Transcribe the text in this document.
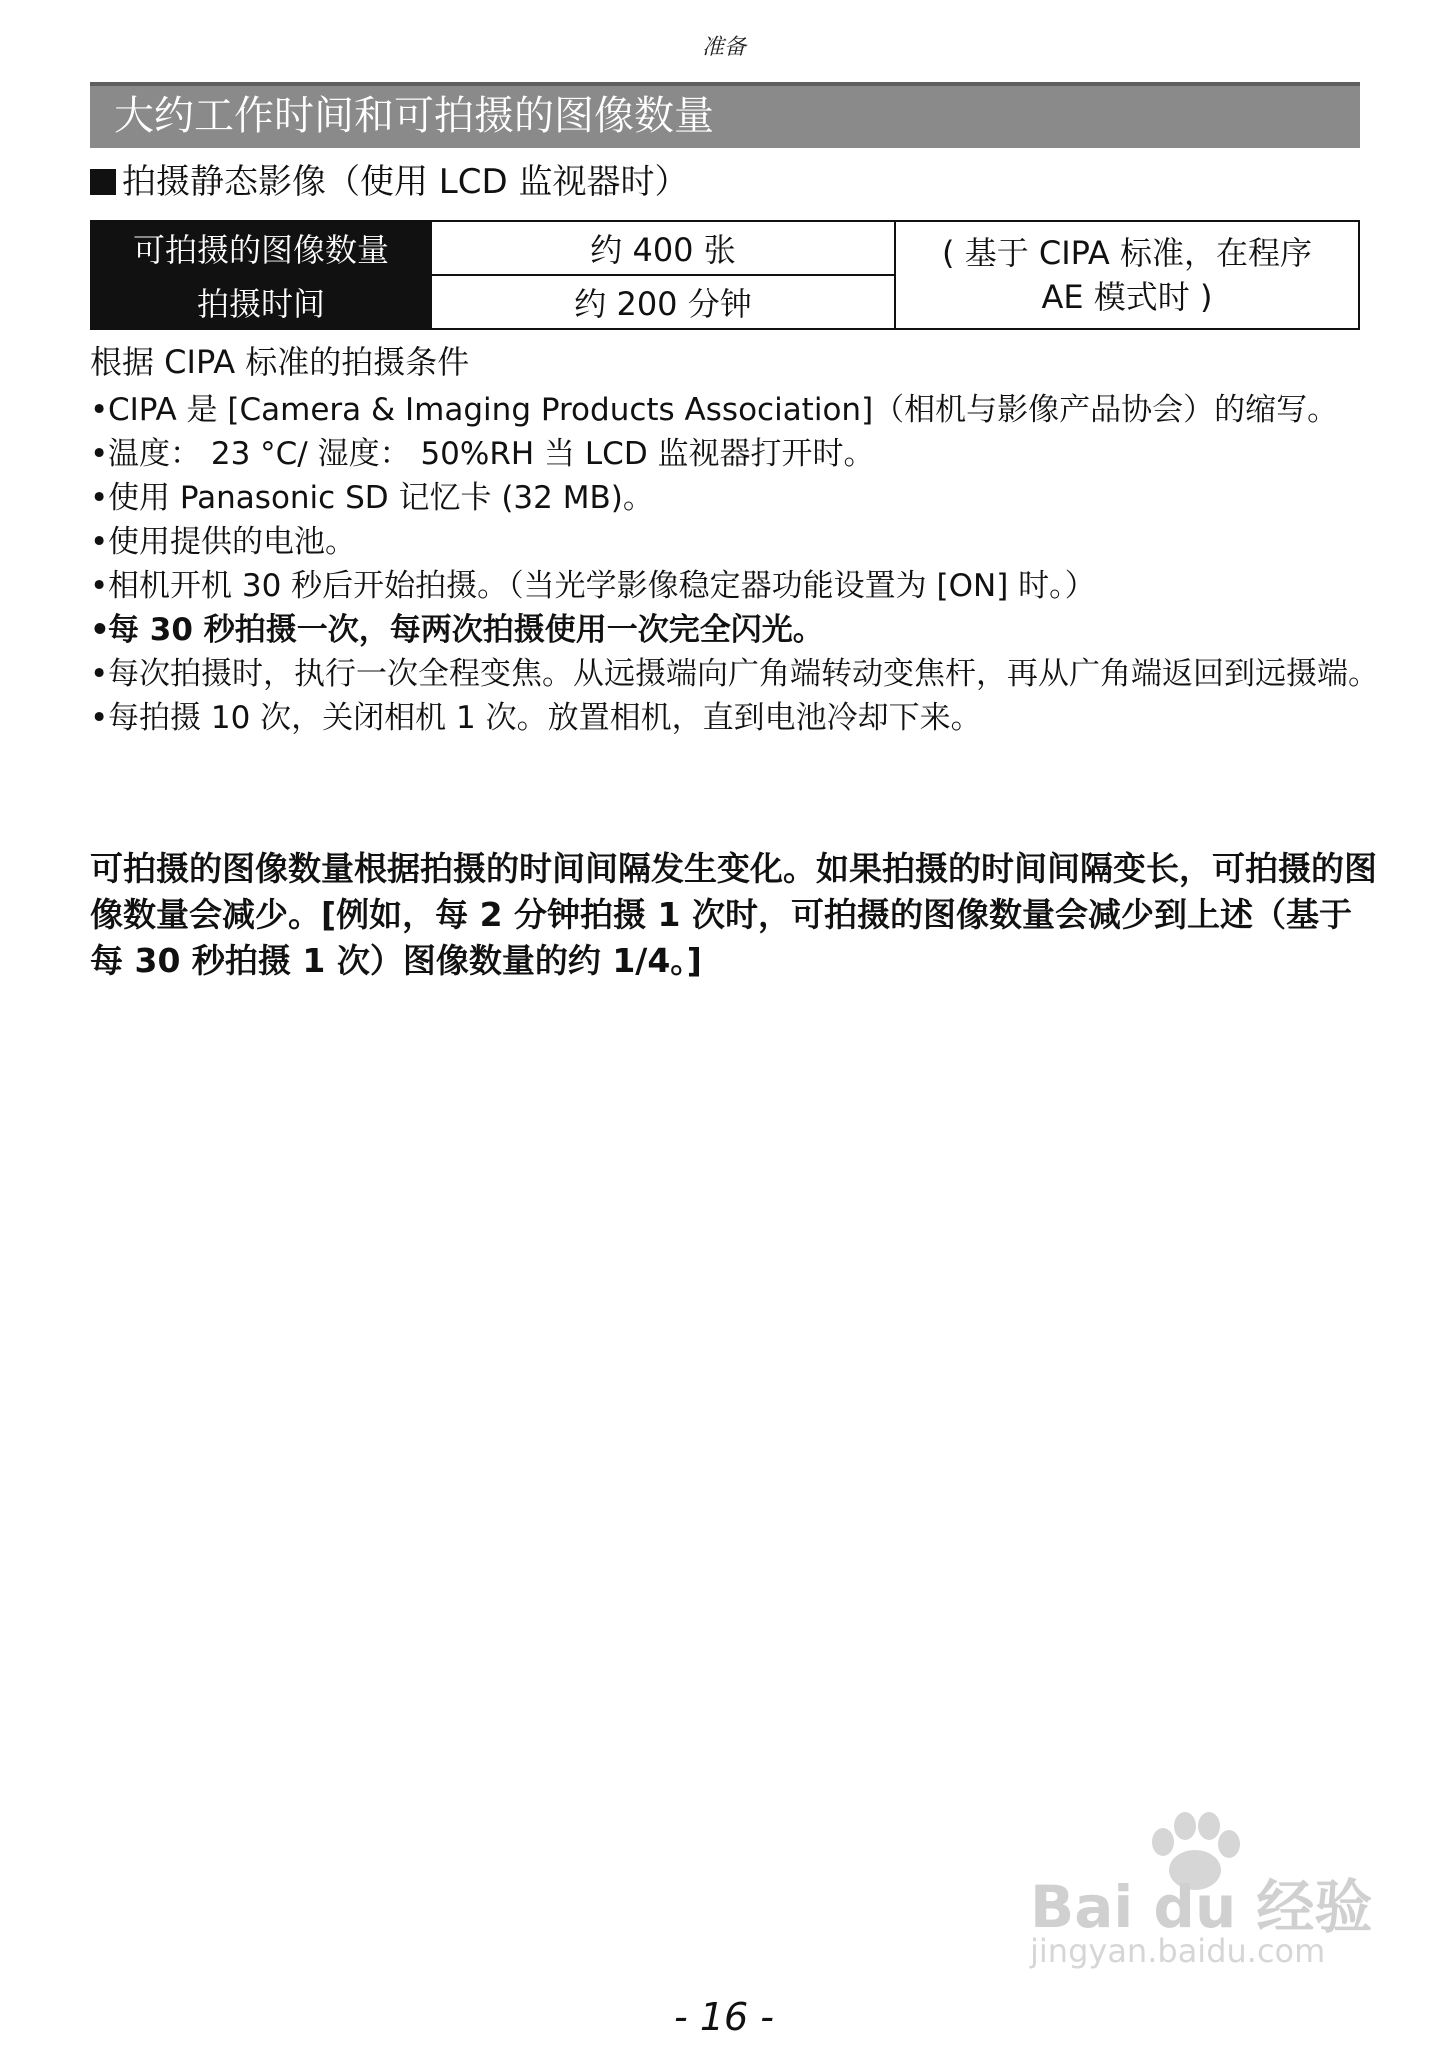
准备
大约工作时间和可拍摄的图像数量
拍摄静态影像（使用 LCD 监视器时）
可拍摄的图像数量	约 400 张	( 基于 CIPA 标准，在程序
AE 模式时 )

拍摄时间	约 200 分钟	
根据 CIPA 标准的拍摄条件
• CIPA 是 [Camera & Imaging Products Association]（相机与影像产品协会）的缩写。
• 温度： 23 °C/ 湿度： 50%RH 当 LCD 监视器打开时。
• 使用 Panasonic SD 记忆卡 (32 MB)。
• 使用提供的电池。
• 相机开机 30 秒后开始拍摄。（当光学影像稳定器功能设置为 [ON] 时。）
• 每 30 秒拍摄一次，每两次拍摄使用一次完全闪光。
• 每次拍摄时，执行一次全程变焦。从远摄端向广角端转动变焦杆，再从广角端返回到远摄端。
• 每拍摄 10 次，关闭相机 1 次。放置相机，直到电池冷却下来。
可拍摄的图像数量根据拍摄的时间间隔发生变化。如果拍摄的时间间隔变长，可拍摄的图像数量会减少。[例如，每 2 分钟拍摄 1 次时，可拍摄的图像数量会减少到上述（基于每 30 秒拍摄 1 次）图像数量的约 1/4。]
Bai du 经验
jingyan.baidu.com
- 16 -
